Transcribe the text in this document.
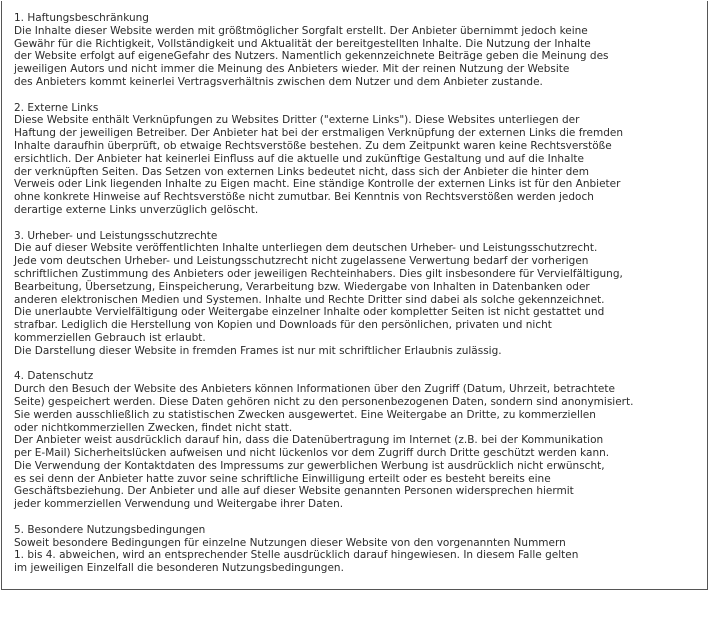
1. Haftungsbeschränkung

Die Inhalte dieser Website werden mit größtmöglicher Sorgfalt erstellt. Der Anbieter übernimmt jedoch keine

Gewähr für die Richtigkeit, Vollständigkeit und Aktualität der bereitgestellten Inhalte. Die Nutzung der Inhalte

der Website erfolgt auf eigeneGefahr des Nutzers. Namentlich gekennzeichnete Beiträge geben die Meinung des

jeweiligen Autors und nicht immer die Meinung des Anbieters wieder. Mit der reinen Nutzung der Website

des Anbieters kommt keinerlei Vertragsverhältnis zwischen dem Nutzer und dem Anbieter zustande.

2. Externe Links

Diese Website enthält Verknüpfungen zu Websites Dritter ("externe Links"). Diese Websites unterliegen der

Haftung der jeweiligen Betreiber. Der Anbieter hat bei der erstmaligen Verknüpfung der externen Links die fremden

Inhalte daraufhin überprüft, ob etwaige Rechtsverstöße bestehen. Zu dem Zeitpunkt waren keine Rechtsverstöße

ersichtlich. Der Anbieter hat keinerlei Einfluss auf die aktuelle und zukünftige Gestaltung und auf die Inhalte

der verknüpften Seiten. Das Setzen von externen Links bedeutet nicht, dass sich der Anbieter die hinter dem

Verweis oder Link liegenden Inhalte zu Eigen macht. Eine ständige Kontrolle der externen Links ist für den Anbieter

ohne konkrete Hinweise auf Rechtsverstöße nicht zumutbar. Bei Kenntnis von Rechtsverstößen werden jedoch

derartige externe Links unverzüglich gelöscht.

3. Urheber- und Leistungsschutzrechte

Die auf dieser Website veröffentlichten Inhalte unterliegen dem deutschen Urheber- und Leistungsschutzrecht.

Jede vom deutschen Urheber- und Leistungsschutzrecht nicht zugelassene Verwertung bedarf der vorherigen

schriftlichen Zustimmung des Anbieters oder jeweiligen Rechteinhabers. Dies gilt insbesondere für Vervielfältigung,

Bearbeitung, Übersetzung, Einspeicherung, Verarbeitung bzw. Wiedergabe von Inhalten in Datenbanken oder

anderen elektronischen Medien und Systemen. Inhalte und Rechte Dritter sind dabei als solche gekennzeichnet.

Die unerlaubte Vervielfältigung oder Weitergabe einzelner Inhalte oder kompletter Seiten ist nicht gestattet und

strafbar. Lediglich die Herstellung von Kopien und Downloads für den persönlichen, privaten und nicht

kommerziellen Gebrauch ist erlaubt.

Die Darstellung dieser Website in fremden Frames ist nur mit schriftlicher Erlaubnis zulässig.

4. Datenschutz

Durch den Besuch der Website des Anbieters können Informationen über den Zugriff (Datum, Uhrzeit, betrachtete

Seite) gespeichert werden. Diese Daten gehören nicht zu den personenbezogenen Daten, sondern sind anonymisiert.

Sie werden ausschließlich zu statistischen Zwecken ausgewertet. Eine Weitergabe an Dritte, zu kommerziellen

oder nichtkommerziellen Zwecken, findet nicht statt.

Der Anbieter weist ausdrücklich darauf hin, dass die Datenübertragung im Internet (z.B. bei der Kommunikation

per E-Mail) Sicherheitslücken aufweisen und nicht lückenlos vor dem Zugriff durch Dritte geschützt werden kann.

Die Verwendung der Kontaktdaten des Impressums zur gewerblichen Werbung ist ausdrücklich nicht erwünscht,

es sei denn der Anbieter hatte zuvor seine schriftliche Einwilligung erteilt oder es besteht bereits eine

Geschäftsbeziehung. Der Anbieter und alle auf dieser Website genannten Personen widersprechen hiermit

jeder kommerziellen Verwendung und Weitergabe ihrer Daten.

5. Besondere Nutzungsbedingungen

Soweit besondere Bedingungen für einzelne Nutzungen dieser Website von den vorgenannten Nummern

1. bis 4. abweichen, wird an entsprechender Stelle ausdrücklich darauf hingewiesen. In diesem Falle gelten

im jeweiligen Einzelfall die besonderen Nutzungsbedingungen.
